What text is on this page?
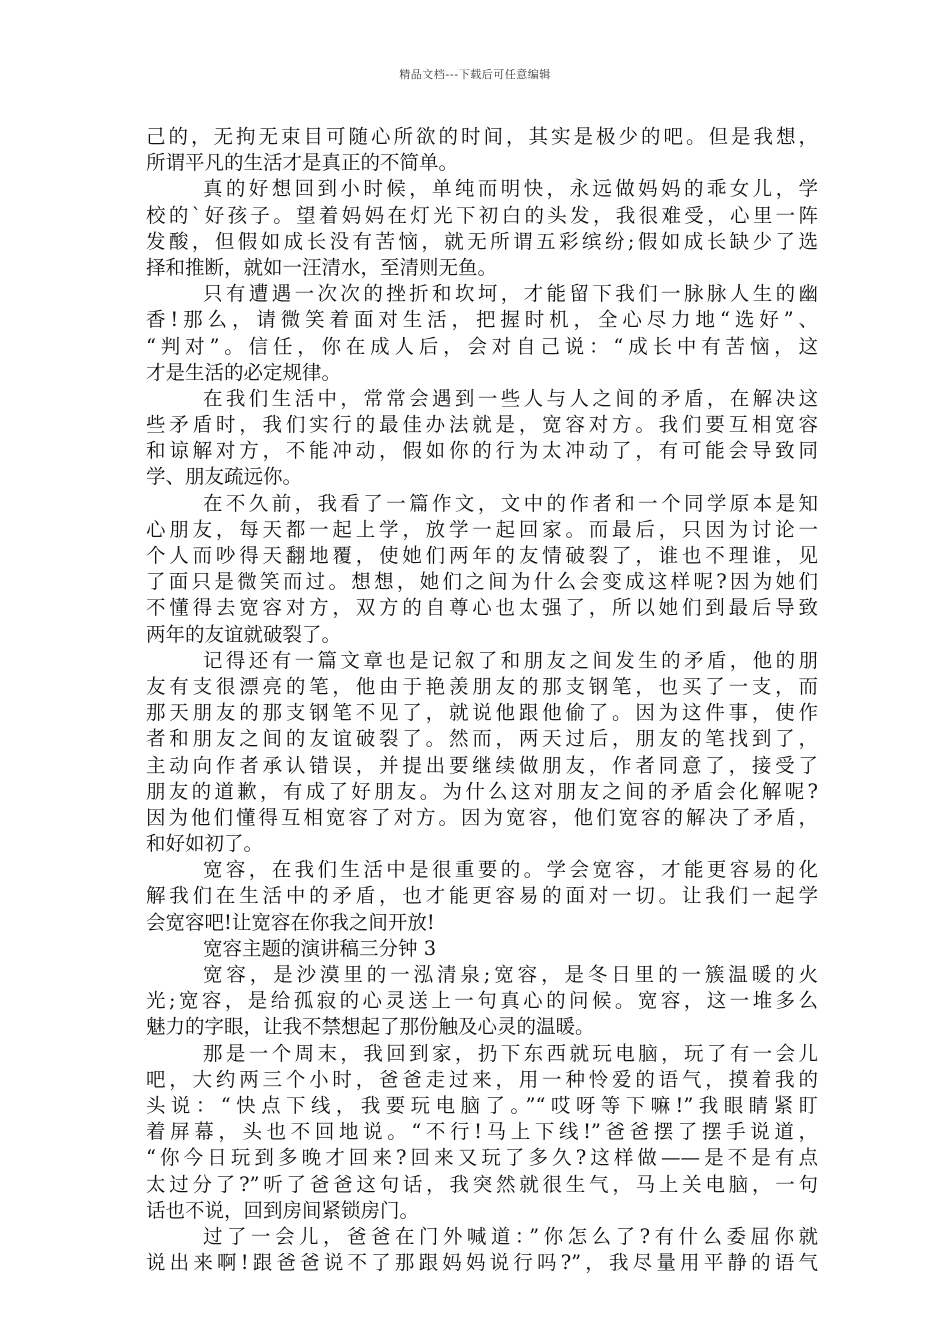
精品文档---下载后可任意编辑
己的，无拘无束目可随心所欲的时间，其实是极少的吧。但是我想，
所谓平凡的生活才是真正的不简单。
真的好想回到小时候，单纯而明快，永远做妈妈的乖女儿，学
校的`好孩子。望着妈妈在灯光下初白的头发，我很难受，心里一阵
发酸，但假如成长没有苦恼，就无所谓五彩缤纷;假如成长缺少了选
择和推断，就如一汪清水，至清则无鱼。
只有遭遇一次次的挫折和坎坷，才能留下我们一脉脉人生的幽
香!那么，请微笑着面对生活，把握时机，全心尽力地“选好”、
“判对”。信任，你在成人后，会对自己说：“成长中有苦恼，这
才是生活的必定规律。
在我们生活中，常常会遇到一些人与人之间的矛盾，在解决这
些矛盾时，我们实行的最佳办法就是，宽容对方。我们要互相宽容
和谅解对方，不能冲动，假如你的行为太冲动了，有可能会导致同
学、朋友疏远你。
在不久前，我看了一篇作文，文中的作者和一个同学原本是知
心朋友，每天都一起上学，放学一起回家。而最后，只因为讨论一
个人而吵得天翻地覆，使她们两年的友情破裂了，谁也不理谁，见
了面只是微笑而过。想想，她们之间为什么会变成这样呢?因为她们
不懂得去宽容对方，双方的自尊心也太强了，所以她们到最后导致
两年的友谊就破裂了。
记得还有一篇文章也是记叙了和朋友之间发生的矛盾，他的朋
友有支很漂亮的笔，他由于艳羡朋友的那支钢笔，也买了一支，而
那天朋友的那支钢笔不见了，就说他跟他偷了。因为这件事，使作
者和朋友之间的友谊破裂了。然而，两天过后，朋友的笔找到了，
主动向作者承认错误，并提出要继续做朋友，作者同意了，接受了
朋友的道歉，有成了好朋友。为什么这对朋友之间的矛盾会化解呢?
因为他们懂得互相宽容了对方。因为宽容，他们宽容的解决了矛盾，
和好如初了。
宽容，在我们生活中是很重要的。学会宽容，才能更容易的化
解我们在生活中的矛盾，也才能更容易的面对一切。让我们一起学
会宽容吧!让宽容在你我之间开放!
宽容主题的演讲稿三分钟 3
宽容，是沙漠里的一泓清泉;宽容，是冬日里的一簇温暖的火
光;宽容，是给孤寂的心灵送上一句真心的问候。宽容，这一堆多么
魅力的字眼，让我不禁想起了那份触及心灵的温暖。
那是一个周末，我回到家，扔下东西就玩电脑，玩了有一会儿
吧，大约两三个小时，爸爸走过来，用一种怜爱的语气，摸着我的
头说：“快点下线，我要玩电脑了。”“哎呀等下嘛!”我眼睛紧盯
着屏幕，头也不回地说。“不行!马上下线!”爸爸摆了摆手说道，
“你今日玩到多晚才回来?回来又玩了多久?这样做——是不是有点
太过分了?”听了爸爸这句话，我突然就很生气，马上关电脑，一句
话也不说，回到房间紧锁房门。
过了一会儿，爸爸在门外喊道：”你怎么了?有什么委屈你就
说出来啊!跟爸爸说不了那跟妈妈说行吗?”，我尽量用平静的语气
